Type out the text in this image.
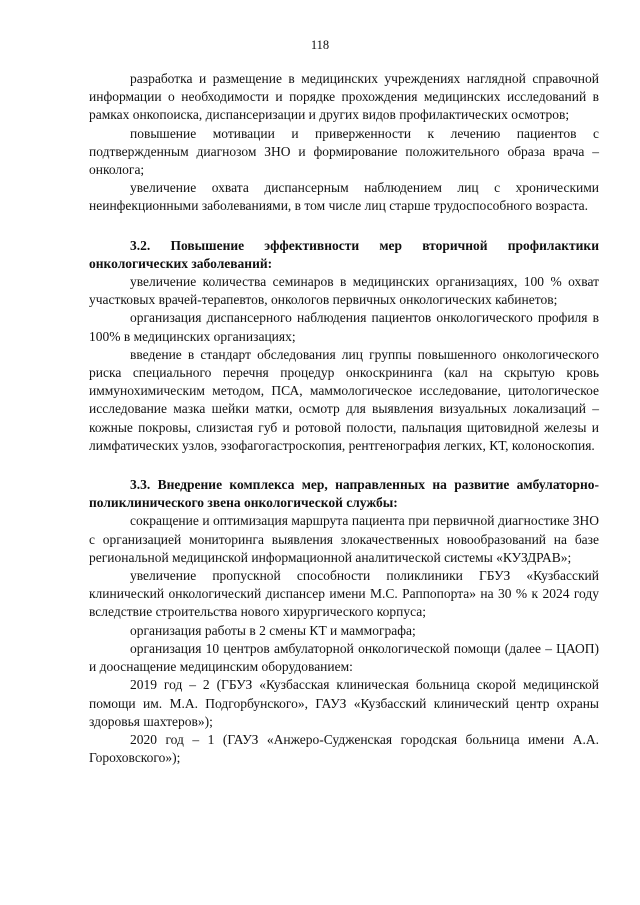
118

разработка и размещение в медицинских учреждениях наглядной справочной информации о необходимости и порядке прохождения медицинских исследований в рамках онкопоиска, диспансеризации и других видов профилактических осмотров;

повышение мотивации и приверженности к лечению пациентов с подтвержденным диагнозом ЗНО и формирование положительного образа врача – онколога;

увеличение охвата диспансерным наблюдением лиц с хроническими неинфекционными заболеваниями, в том числе лиц старше трудоспособного возраста.

3.2. Повышение эффективности мер вторичной профилактики онкологических заболеваний:

увеличение количества семинаров в медицинских организациях, 100 % охват участковых врачей-терапевтов, онкологов первичных онкологических кабинетов;

организация диспансерного наблюдения пациентов онкологического профиля в 100% в медицинских организациях;

введение в стандарт обследования лиц группы повышенного онкологического риска специального перечня процедур онкоскрининга (кал на скрытую кровь иммунохимическим методом, ПСА, маммологическое исследование, цитологическое исследование мазка шейки матки, осмотр для выявления визуальных локализаций – кожные покровы, слизистая губ и ротовой полости, пальпация щитовидной железы и лимфатических узлов, эзофагогастроскопия, рентгенография легких, КТ, колоноскопия.

3.3. Внедрение комплекса мер, направленных на развитие амбулаторно-поликлинического звена онкологической службы:

сокращение и оптимизация маршрута пациента при первичной диагностике ЗНО с организацией мониторинга выявления злокачественных новообразований на базе региональной медицинской информационной аналитической системы «КУЗДРАВ»;

увеличение пропускной способности поликлиники ГБУЗ «Кузбасский клинический онкологический диспансер имени М.С. Раппопорта» на 30 % к 2024 году вследствие строительства нового хирургического корпуса;

организация работы в 2 смены КТ и маммографа;

организация 10 центров амбулаторной онкологической помощи (далее – ЦАОП) и дооснащение медицинским оборудованием:

2019 год – 2 (ГБУЗ «Кузбасская клиническая больница скорой медицинской помощи им. М.А. Подгорбунского», ГАУЗ «Кузбасский клинический центр охраны здоровья шахтеров»);

2020 год – 1 (ГАУЗ «Анжеро-Судженская городская больница имени А.А. Гороховского»);
